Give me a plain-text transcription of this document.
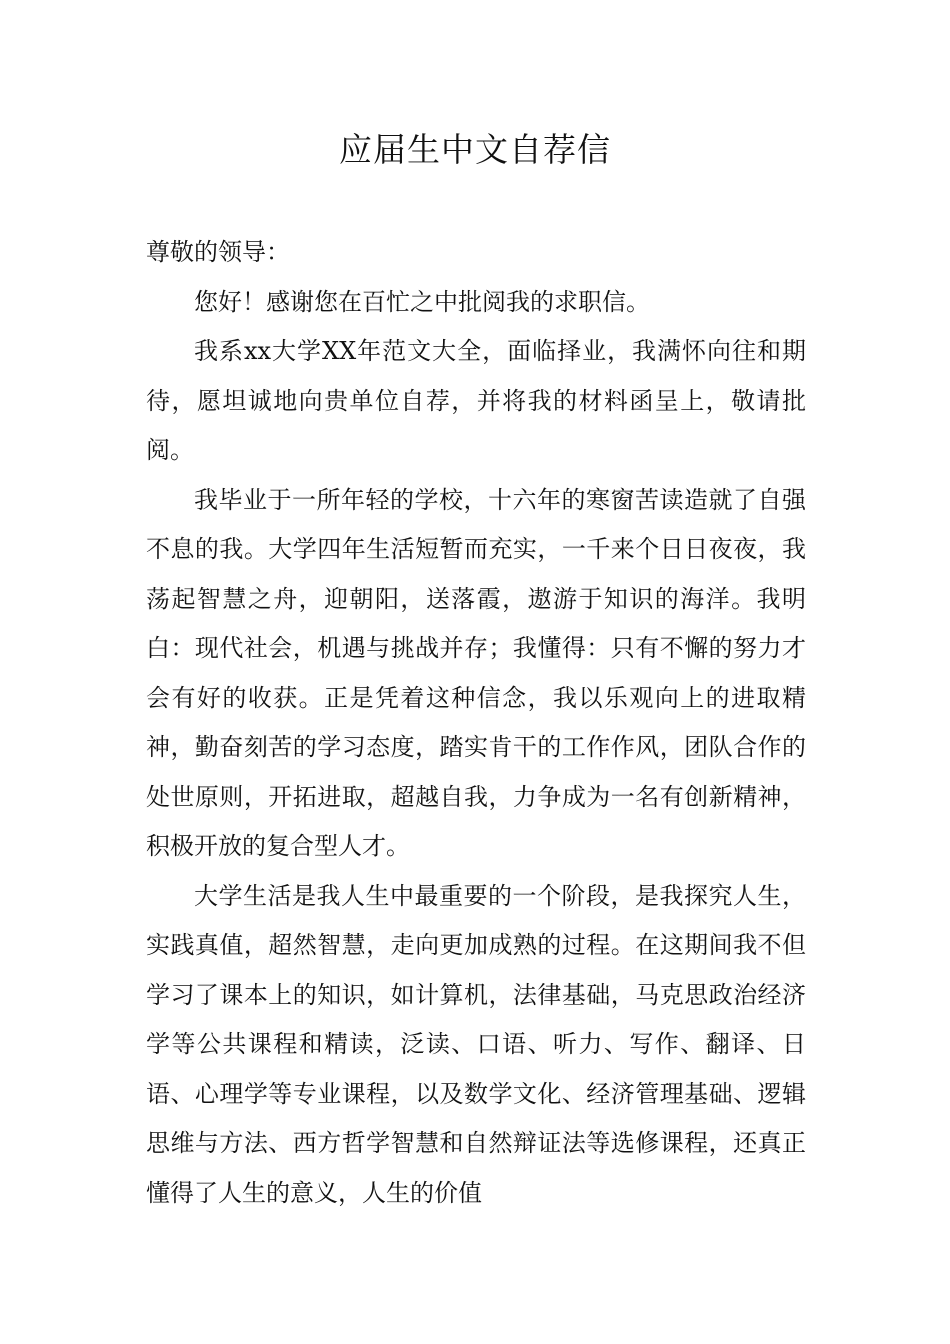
应届生中文自荐信

尊敬的领导：

您好！感谢您在百忙之中批阅我的求职信。

我系xx大学XX年范文大全，面临择业，我满怀向往和期待，愿坦诚地向贵单位自荐，并将我的材料函呈上，敬请批阅。

我毕业于一所年轻的学校，十六年的寒窗苦读造就了自强不息的我。大学四年生活短暂而充实，一千来个日日夜夜，我荡起智慧之舟，迎朝阳，送落霞，遨游于知识的海洋。我明白：现代社会，机遇与挑战并存；我懂得：只有不懈的努力才会有好的收获。正是凭着这种信念，我以乐观向上的进取精神，勤奋刻苦的学习态度，踏实肯干的工作作风，团队合作的处世原则，开拓进取，超越自我，力争成为一名有创新精神，积极开放的复合型人才。

大学生活是我人生中最重要的一个阶段，是我探究人生，实践真值，超然智慧，走向更加成熟的过程。在这期间我不但学习了课本上的知识，如计算机，法律基础，马克思政治经济学等公共课程和精读，泛读、口语、听力、写作、翻译、日语、心理学等专业课程，以及数学文化、经济管理基础、逻辑思维与方法、西方哲学智慧和自然辩证法等选修课程，还真正懂得了人生的意义，人生的价值
